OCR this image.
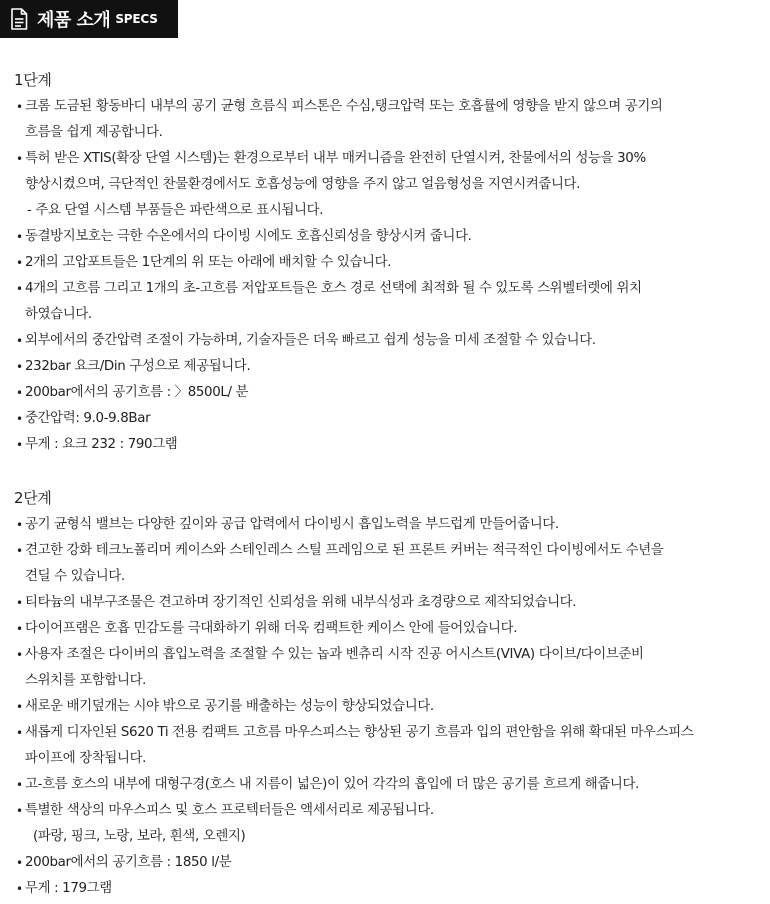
제품 소개 SPECS
1단계
• 크롬 도금된 황동바디 내부의 공기 균형 흐름식 피스톤은 수심,탱크압력 또는 호흡률에 영향을 받지 않으며 공기의
흐름을 쉽게 제공합니다.
• 특허 받은 XTIS(확장 단열 시스템)는 환경으로부터 내부 매커니즘을 완전히 단열시켜, 찬물에서의 성능을 30%
향상시켰으며, 극단적인 찬물환경에서도 호흡성능에 영향을 주지 않고 얼음형성을 지연시켜줍니다.
- 주요 단열 시스템 부품들은 파란색으로 표시됩니다.
• 동결방지보호는 극한 수온에서의 다이빙 시에도 호흡신뢰성을 향상시켜 줍니다.
• 2개의 고압포트들은 1단계의 위 또는 아래에 배치할 수 있습니다.
• 4개의 고흐름 그리고 1개의 초-고흐름 저압포트들은 호스 경로 선택에 최적화 될 수 있도록 스위벨터렛에 위치
하였습니다.
• 외부에서의 중간압력 조절이 가능하며, 기술자들은 더욱 빠르고 쉽게 성능을 미세 조절할 수 있습니다.
• 232bar 요크/Din 구성으로 제공됩니다.
• 200bar에서의 공기흐름 : 〉8500L/ 분
• 중간압력: 9.0-9.8Bar
• 무게 : 요크 232 : 790그램
2단계
• 공기 균형식 밸브는 다양한 깊이와 공급 압력에서 다이빙시 흡입노력을 부드럽게 만들어줍니다.
• 견고한 강화 테크노폴리머 케이스와 스테인레스 스틸 프레임으로 된 프론트 커버는 적극적인 다이빙에서도 수년을
견딜 수 있습니다.
• 티타늄의 내부구조물은 견고하며 장기적인 신뢰성을 위해 내부식성과 초경량으로 제작되었습니다.
• 다이어프램은 호흡 민감도를 극대화하기 위해 더욱 컴팩트한 케이스 안에 들어있습니다.
• 사용자 조절은 다이버의 흡입노력을 조절할 수 있는 놉과 벤츄리 시작 진공 어시스트(VIVA) 다이브/다이브준비
스위치를 포함합니다.
• 새로운 배기덮개는 시야 밖으로 공기를 배출하는 성능이 향상되었습니다.
• 새롭게 디자인된 S620 Ti 전용 컴팩트 고흐름 마우스피스는 향상된 공기 흐름과 입의 편안함을 위해 확대된 마우스피스
파이프에 장착됩니다.
• 고-흐름 호스의 내부에 대형구경(호스 내 지름이 넓은)이 있어 각각의 흡입에 더 많은 공기를 흐르게 해줍니다.
• 특별한 색상의 마우스피스 및 호스 프로텍터들은 액세서리로 제공됩니다.
(파랑, 핑크, 노랑, 보라, 흰색, 오렌지)
• 200bar에서의 공기흐름 : 1850 l/분
• 무게 : 179그램
